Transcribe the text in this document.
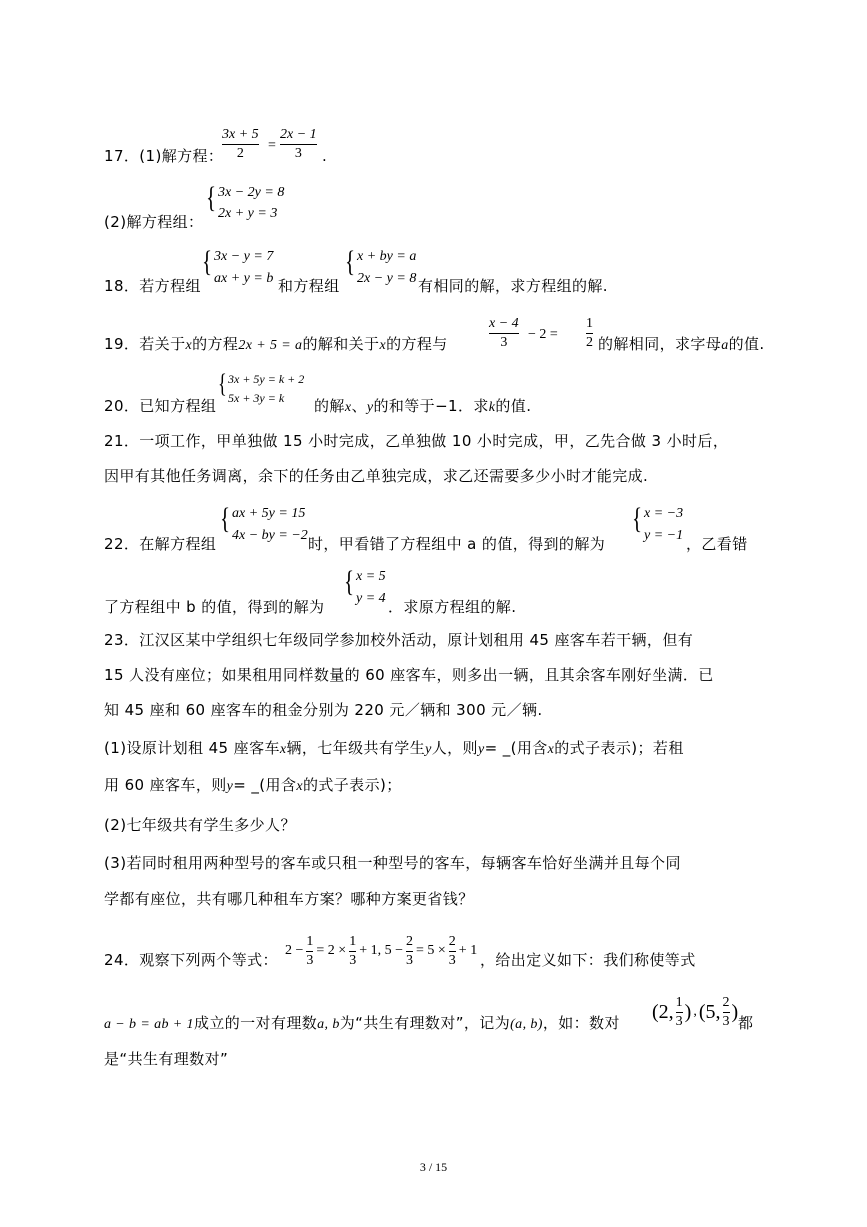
17．(1)解方程：
3x + 5
2
=
2x − 1
3 .
(2)解方程组：
{ 3x − 2y = 8
2x + y = 3
18．若方程组
{ 3x − y = 7
ax + y = b 和方程组
{ x + by = a
2x − y = 8 有相同的解，求方程组的解.
19．若关于x的方程2x + 5 = a的解和关于x的方程与
x − 4
3
− 2 =
1
2 的解相同，求字母a的值.
20．已知方程组
{ 3x + 5y = k + 2
5x + 3y = k 的解x、y的和等于−1．求k的值.
21．一项工作，甲单独做 15 小时完成，乙单独做 10 小时完成，甲，乙先合做 3 小时后，
因甲有其他任务调离，余下的任务由乙单独完成，求乙还需要多少小时才能完成.
22．在解方程组
{ ax + 5y = 15
4x − by = −2 时，甲看错了方程组中 a 的值，得到的解为
{ x = −3
y = −1 ，乙看错
了方程组中 b 的值，得到的解为
{ x = 5
y = 4 ．求原方程组的解.
23．江汉区某中学组织七年级同学参加校外活动，原计划租用 45 座客车若干辆，但有
15 人没有座位；如果租用同样数量的 60 座客车，则多出一辆，且其余客车刚好坐满．已
知 45 座和 60 座客车的租金分别为 220 元／辆和 300 元／辆.
(1)设原计划租 45 座客车x辆，七年级共有学生y人，则y= _(用含x的式子表示)；若租
用 60 座客车，则y= _(用含x的式子表示)；
(2)七年级共有学生多少人？
(3)若同时租用两种型号的客车或只租一种型号的客车，每辆客车恰好坐满并且每个同
学都有座位，共有哪几种租车方案？哪种方案更省钱？
24．观察下列两个等式：
2 −
1
3
= 2 ×
1
3
+ 1, 5 −
2
3
= 5 ×
2
3
+ 1
，给出定义如下：我们称使等式
a − b = ab + 1成立的一对有理数a, b为“共生有理数对”，记为(a, b)，如：数对 (2, 1
3 ) , (5, 2
3 ) 都
是“共生有理数对”
3 / 15
